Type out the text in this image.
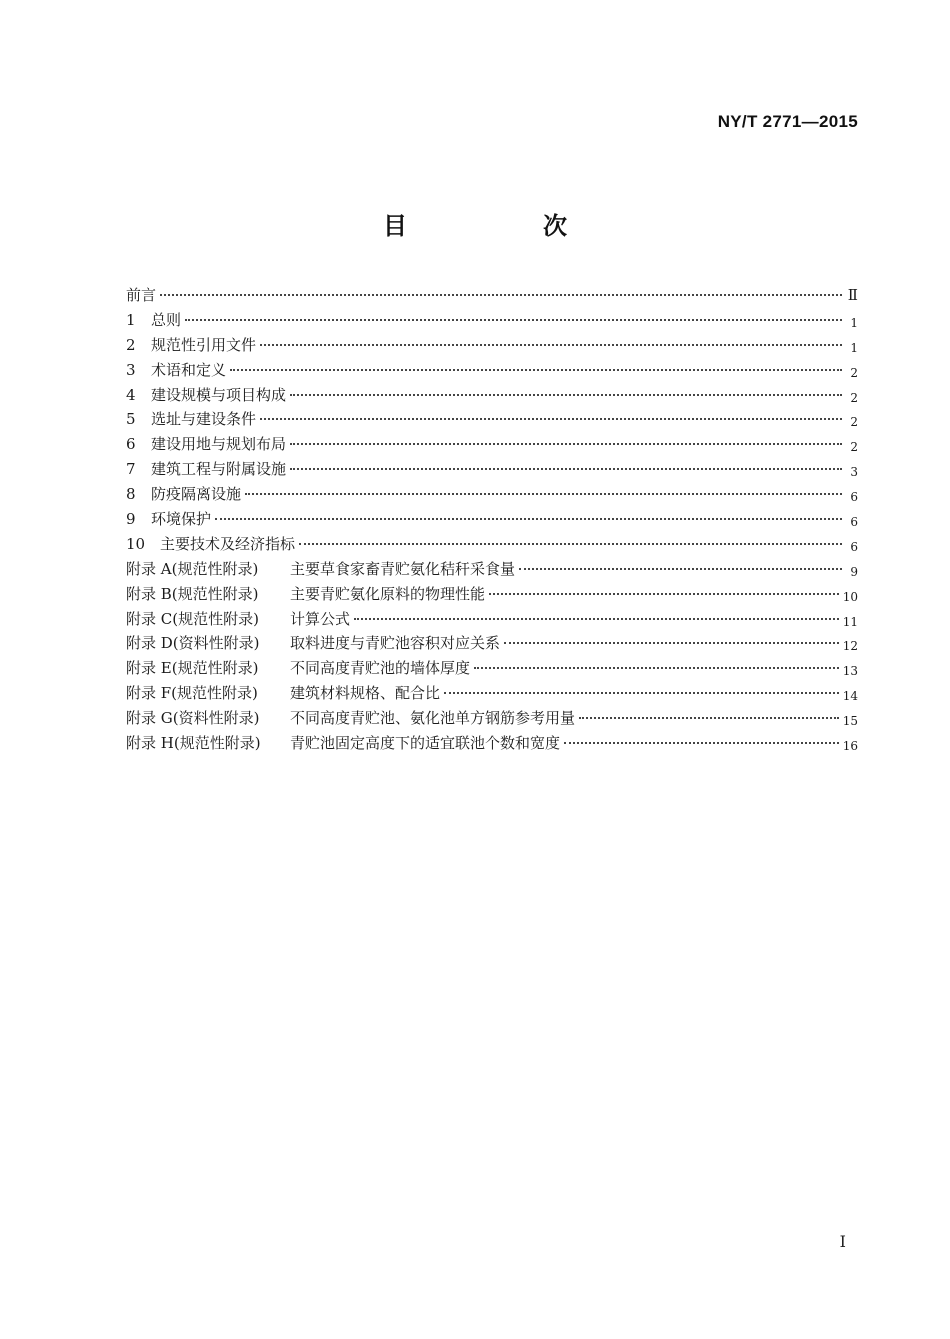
NY/T 2771—2015
目　次
前言	Ⅱ
1	总则	1
2	规范性引用文件	1
3	术语和定义	2
4	建设规模与项目构成	2
5	选址与建设条件	2
6	建设用地与规划布局	2
7	建筑工程与附属设施	3
8	防疫隔离设施	6
9	环境保护	6
10 主要技术及经济指标	6
附录 A(规范性附录)	主要草食家畜青贮氨化秸秆采食量	9
附录 B(规范性附录)	主要青贮氨化原料的物理性能	10
附录 C(规范性附录)	计算公式	11
附录 D(资料性附录)	取料进度与青贮池容积对应关系	12
附录 E(规范性附录)	不同高度青贮池的墙体厚度	13
附录 F(规范性附录)	建筑材料规格、配合比	14
附录 G(资料性附录)	不同高度青贮池、氨化池单方钢筋参考用量	15
附录 H(规范性附录)	青贮池固定高度下的适宜联池个数和宽度	16
I
